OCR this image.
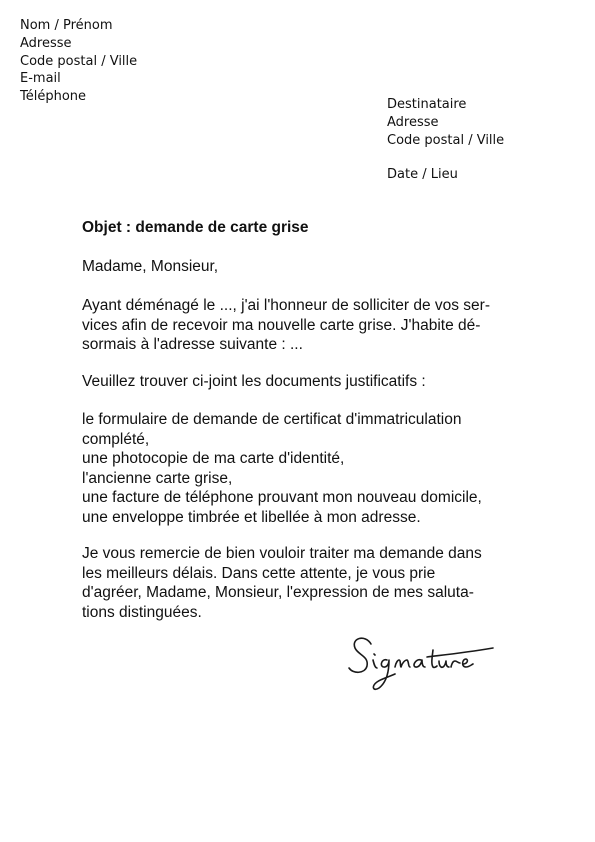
Nom / Prénom
Adresse
Code postal / Ville
E-mail
Téléphone
Destinataire
Adresse
Code postal / Ville
Date / Lieu
Objet : demande de carte grise
Madame, Monsieur,
Ayant déménagé le ..., j'ai l'honneur de solliciter de vos ser-
vices afin de recevoir ma nouvelle carte grise. J'habite dé-
sormais à l'adresse suivante : ...
Veuillez trouver ci-joint les documents justificatifs :
le formulaire de demande de certificat d'immatriculation
complété,
une photocopie de ma carte d'identité,
l'ancienne carte grise,
une facture de téléphone prouvant mon nouveau domicile,
une enveloppe timbrée et libellée à mon adresse.
Je vous remercie de bien vouloir traiter ma demande dans
les meilleurs délais. Dans cette attente, je vous prie
d'agréer, Madame, Monsieur, l'expression de mes saluta-
tions distinguées.
